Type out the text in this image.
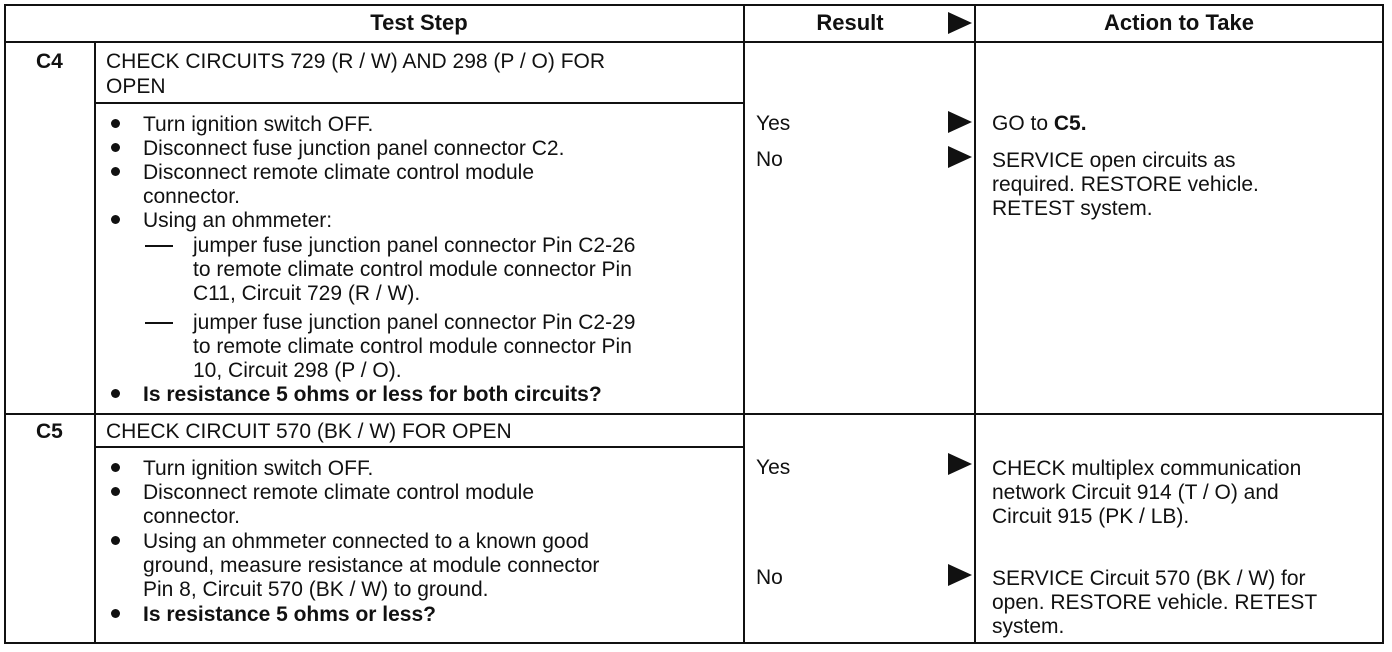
Test Step	Result	Action to Take
C4 CHECK CIRCUITS 729 (R / W) AND 298 (P / O) FOR
OPEN
Turn ignition switch OFF.
Disconnect fuse junction panel connector C2.
Disconnect remote climate control module
connector.
Using an ohmmeter:
jumper fuse junction panel connector Pin C2-26
to remote climate control module connector Pin
C11, Circuit 729 (R / W).
jumper fuse junction panel connector Pin C2-29
to remote climate control module connector Pin
10, Circuit 298 (P / O).
Is resistance 5 ohms or less for both circuits?
Yes
No
GO to C5.
SERVICE open circuits as
required. RESTORE vehicle.
RETEST system.
C5 CHECK CIRCUIT 570 (BK / W) FOR OPEN
Turn ignition switch OFF.
Disconnect remote climate control module
connector.
Using an ohmmeter connected to a known good
ground, measure resistance at module connector
Pin 8, Circuit 570 (BK / W) to ground.
Is resistance 5 ohms or less?
Yes
No
CHECK multiplex communication
network Circuit 914 (T / O) and
Circuit 915 (PK / LB).
SERVICE Circuit 570 (BK / W) for
open. RESTORE vehicle. RETEST
system.
